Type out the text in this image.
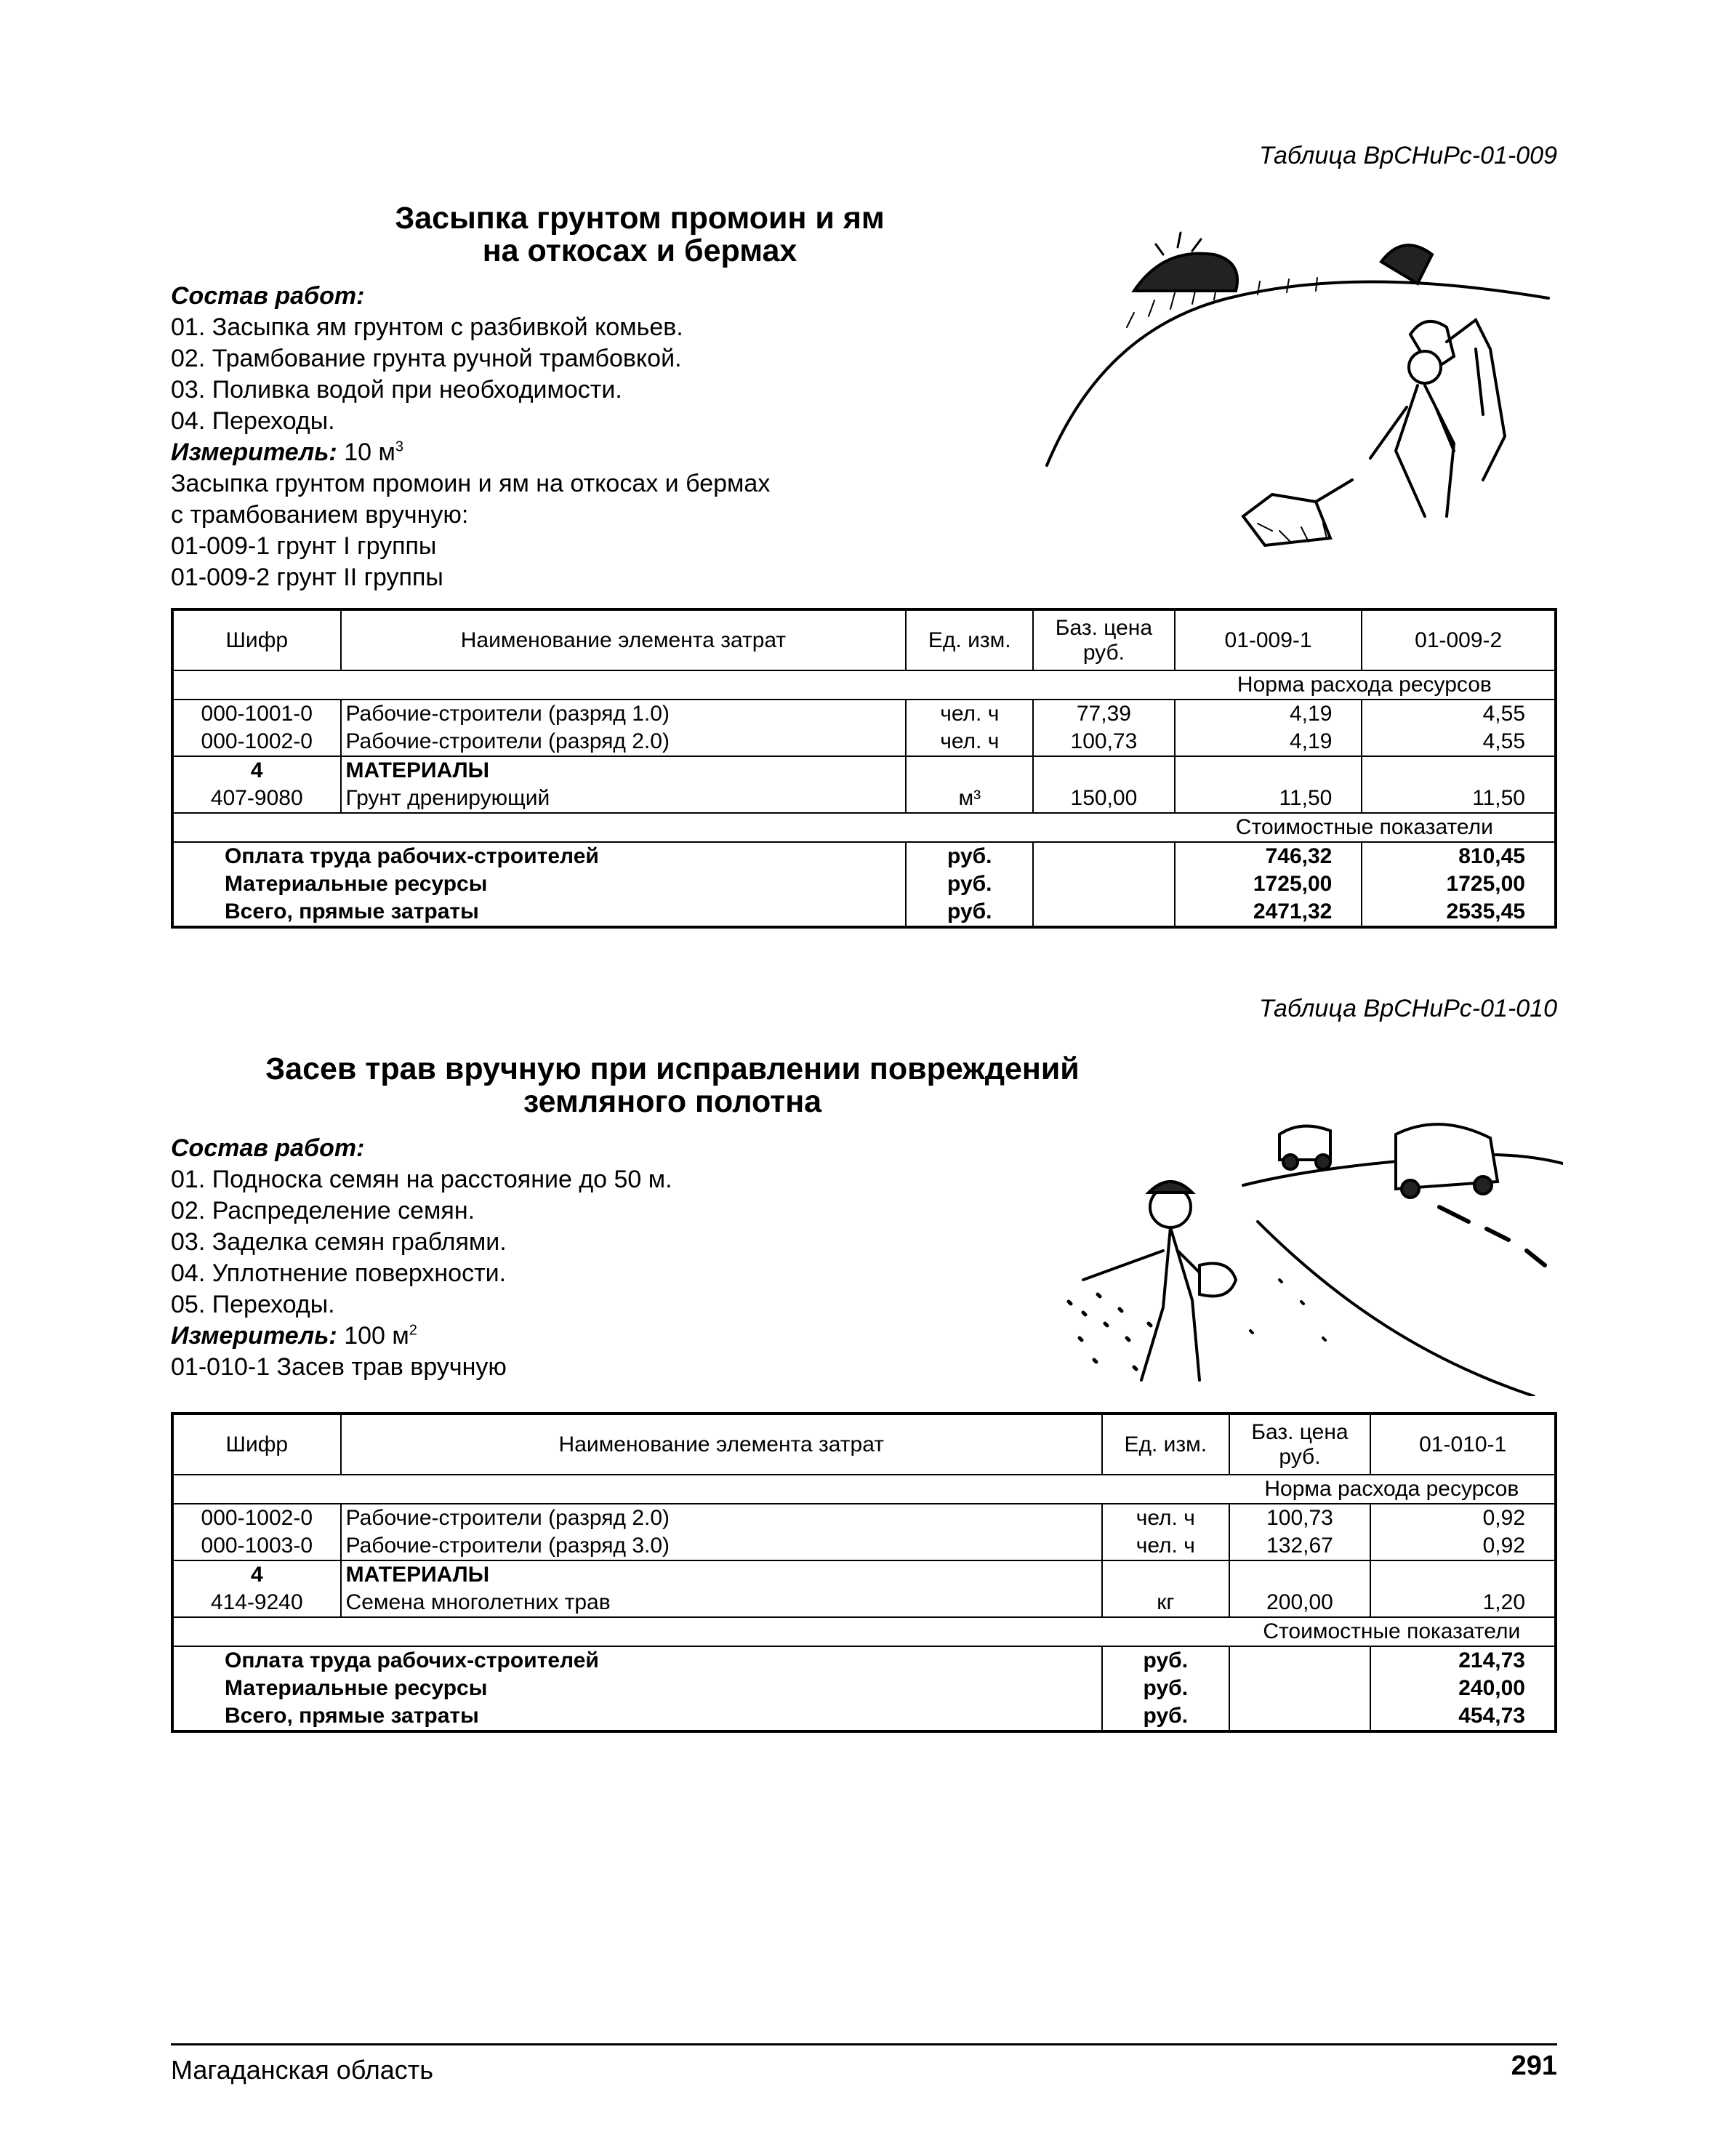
Таблица ВрСНиРс-01-009
Засыпка грунтом промоин и ям
на откосах и бермах
Состав работ:
01. Засыпка ям грунтом с разбивкой комьев.
02. Трамбование грунта ручной трамбовкой.
03. Поливка водой при необходимости.
04. Переходы.
Измеритель: 10 $м^3$
Засыпка грунтом промоин и ям на откосах и бермах
с трамбованием вручную:
01-009-1 грунт I группы
01-009-2 грунт II группы
Шифр	Наименование элемента затрат	Ед. изм.	Баз. цена руб.	01-009-1	01-009-2
				Норма расхода ресурсов	
000-1001-0	Рабочие-строители (разряд 1.0)	чел. ч	77,39	4,19	4,55
000-1002-0	Рабочие-строители (разряд 2.0)	чел. ч	100,73	4,19	4,55
4	МАТЕРИАЛЫ				
407-9080	Грунт дренирующий	м³	150,00	11,50	11,50
				Стоимостные показатели	
Оплата труда рабочих-строителей		руб.		746,32	810,45
Материальные ресурсы		руб.		1725,00	1725,00
Всего, прямые затраты		руб.		2471,32	2535,45
Таблица ВрСНиРс-01-010
Засев трав вручную при исправлении повреждений
земляного полотна
Состав работ:
01. Подноска семян на расстояние до 50 м.
02. Распределение семян.
03. Заделка семян граблями.
04. Уплотнение поверхности.
05. Переходы.
Измеритель: 100 $м^2$
01-010-1 Засев трав вручную
Шифр	Наименование элемента затрат	Ед. изм.	Баз. цена руб.	01-010-1
			Норма расхода ресурсов	
000-1002-0	Рабочие-строители (разряд 2.0)	чел. ч	100,73	0,92
000-1003-0	Рабочие-строители (разряд 3.0)	чел. ч	132,67	0,92
4	МАТЕРИАЛЫ			
414-9240	Семена многолетних трав	кг	200,00	1,20
			Стоимостные показатели	
Оплата труда рабочих-строителей		руб.		214,73
Материальные ресурсы		руб.		240,00
Всего, прямые затраты		руб.		454,73
Магаданская область	291
